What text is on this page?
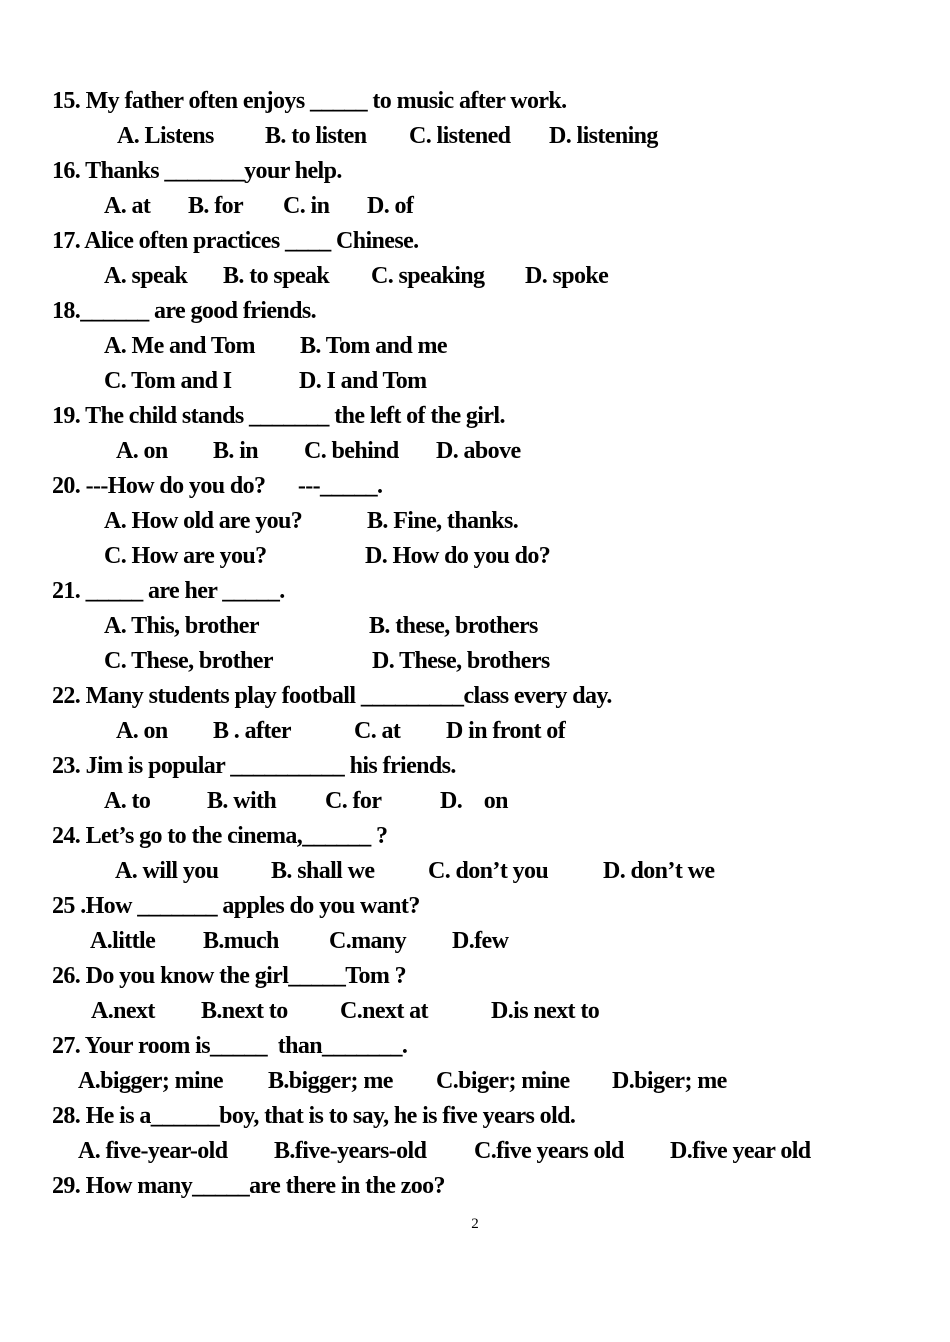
15. My father often enjoys _____ to music after work.
A. Listens B. to listen C. listened D. listening
16. Thanks _______your help.
A. at B. for C. in D. of
17. Alice often practices ____ Chinese.
A. speak B. to speak C. speaking D. spoke
18.______ are good friends.
A. Me and Tom B. Tom and me
C. Tom and I	D. I and Tom
19. The child stands _______ the left of the girl.
A. on B. in C. behind D. above
20. ---How do you do?      ---_____.
A. How old are you?	B. Fine, thanks.
C. How are you?	D. How do you do?
21. _____ are her _____.
A. This, brother	B. these, brothers
C. These, brother	D. These, brothers
22. Many students play football _________class every day.
A. on B . after	C. at D in front of
23. Jim is popular __________ his friends.
A. to B. with C. for D.    on
24. Let’s go to the cinema,______ ?
A. will you B. shall we C. don’t you D. don’t we
25 .How _______ apples do you want?
A.little B.much C.many D.few
26. Do you know the girl_____Tom ?
A.next B.next to C.next at	D.is next to
27. Your room is_____  than_______.
A.bigger; mine B.bigger; me C.biger; mine D.biger; me
28. He is a______boy, that is to say, he is five years old.
A. five-year-old B.five-years-old C.five years old D.five year old
29. How many_____are there in the zoo?
2
